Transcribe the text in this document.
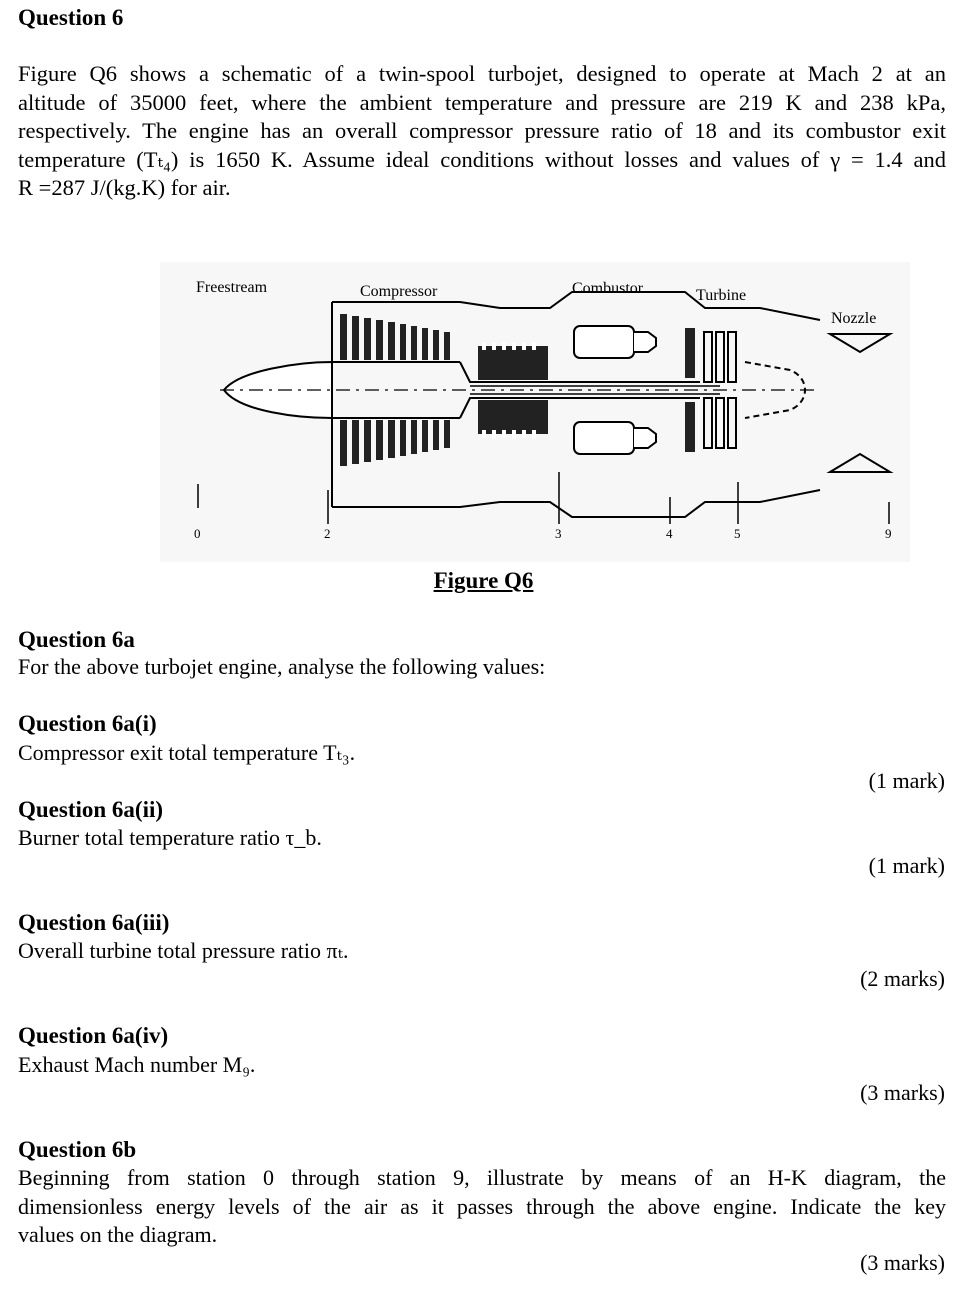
Question 6
Figure Q6 shows a schematic of a twin-spool turbojet, designed to operate at Mach 2 at an
altitude of 35000 feet, where the ambient temperature and pressure are 219 K and 238 kPa,
respectively. The engine has an overall compressor pressure ratio of 18 and its combustor exit
temperature (Tₜ₄) is 1650 K. Assume ideal conditions without losses and values of γ = 1.4 and
R =287 J/(kg.K) for air.
Freestream	Compressor	Combustor	Turbine
Nozzle
0	2	3	4	5	9
Figure Q6
Question 6a
For the above turbojet engine, analyse the following values:
Question 6a(i)
Compressor exit total temperature Tₜ₃.
(1 mark)
Question 6a(ii)
Burner total temperature ratio τ_b.
(1 mark)
Question 6a(iii)
Overall turbine total pressure ratio πₜ.
(2 marks)
Question 6a(iv)
Exhaust Mach number M₉.
(3 marks)
Question 6b
Beginning from station 0 through station 9, illustrate by means of an H-K diagram, the
dimensionless energy levels of the air as it passes through the above engine. Indicate the key
values on the diagram.
(3 marks)
